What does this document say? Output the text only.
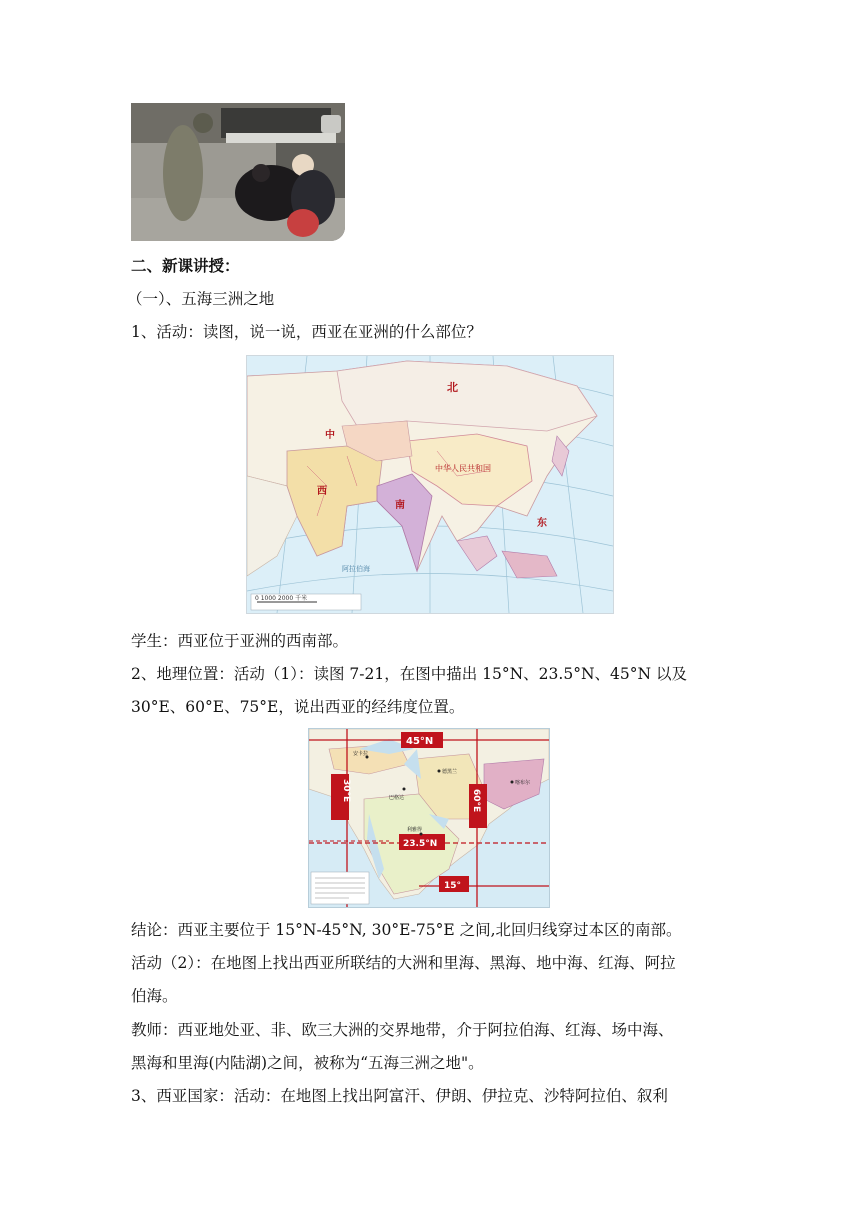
二、新课讲授：
（一）、五海三洲之地
1、活动：读图，说一说，西亚在亚洲的什么部位？
北
中
西
南
东
中华人民共和国
阿拉伯海
0 1000 2000 千米
学生：西亚位于亚洲的西南部。
2、地理位置：活动（1）：读图 7-21，在图中描出 15°N、23.5°N、45°N 以及
30°E、60°E、75°E，说出西亚的经纬度位置。
45°N
23.5°N
15°
30°E	60°E
德黑兰
喀布尔
安卡拉
巴格达
利雅得
结论：西亚主要位于 15°N-45°N, 30°E-75°E 之间,北回归线穿过本区的南部。
活动（2）：在地图上找出西亚所联结的大洲和里海、黑海、地中海、红海、阿拉
伯海。
教师：西亚地处亚、非、欧三大洲的交界地带，介于阿拉伯海、红海、场中海、
黑海和里海(内陆湖)之间，被称为“五海三洲之地"。
3、西亚国家：活动：在地图上找出阿富汗、伊朗、伊拉克、沙特阿拉伯、叙利
